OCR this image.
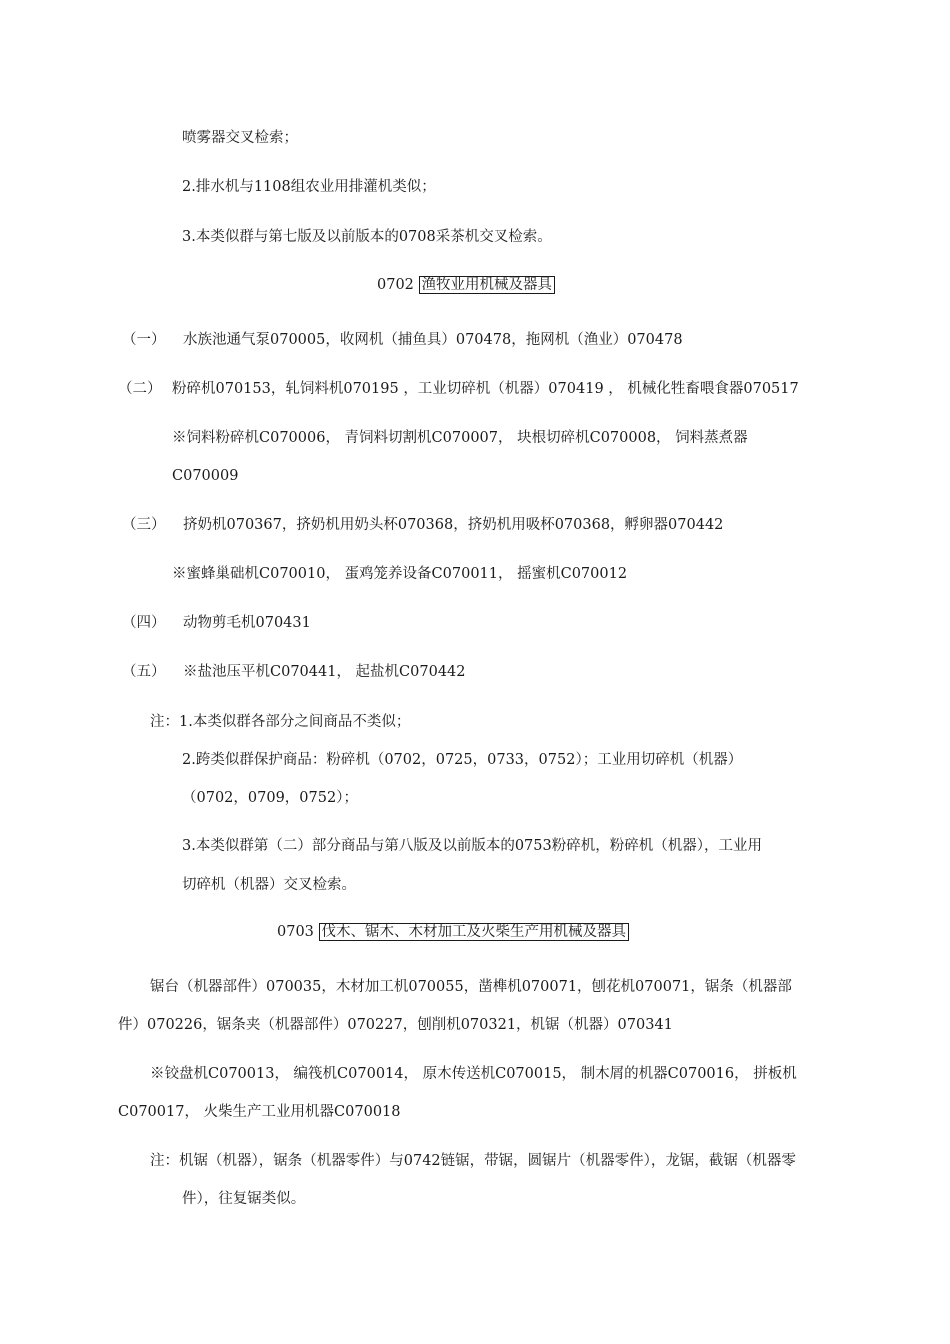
喷雾器交叉检索；
2.排水机与1108组农业用排灌机类似；
3.本类似群与第七版及以前版本的0708采茶机交叉检索。
0702 渔牧业用机械及器具
（一） 水族池通气泵070005，收网机（捕鱼具）070478，拖网机（渔业）070478
（二） 粉碎机070153，轧饲料机070195 ，工业切碎机（机器）070419 ， 机械化牲畜喂食器070517
※饲料粉碎机C070006， 青饲料切割机C070007， 块根切碎机C070008， 饲料蒸煮器
C070009
（三） 挤奶机070367，挤奶机用奶头杯070368，挤奶机用吸杯070368，孵卵器070442
※蜜蜂巢础机C070010， 蛋鸡笼养设备C070011， 摇蜜机C070012
（四） 动物剪毛机070431
（五） ※盐池压平机C070441， 起盐机C070442
注：1.本类似群各部分之间商品不类似；
2.跨类似群保护商品：粉碎机（0702，0725，0733，0752）；工业用切碎机（机器）
（0702，0709，0752）；
3.本类似群第（二）部分商品与第八版及以前版本的0753粉碎机，粉碎机（机器），工业用
切碎机（机器）交叉检索。
0703 伐木、锯木、木材加工及火柴生产用机械及器具
锯台（机器部件）070035，木材加工机070055，凿榫机070071，刨花机070071，锯条（机器部
件）070226，锯条夹（机器部件）070227，刨削机070321，机锯（机器）070341
※铰盘机C070013， 编筏机C070014， 原木传送机C070015， 制木屑的机器C070016， 拼板机
C070017， 火柴生产工业用机器C070018
注：机锯（机器），锯条（机器零件）与0742链锯，带锯，圆锯片（机器零件），龙锯，截锯（机器零
件），往复锯类似。
